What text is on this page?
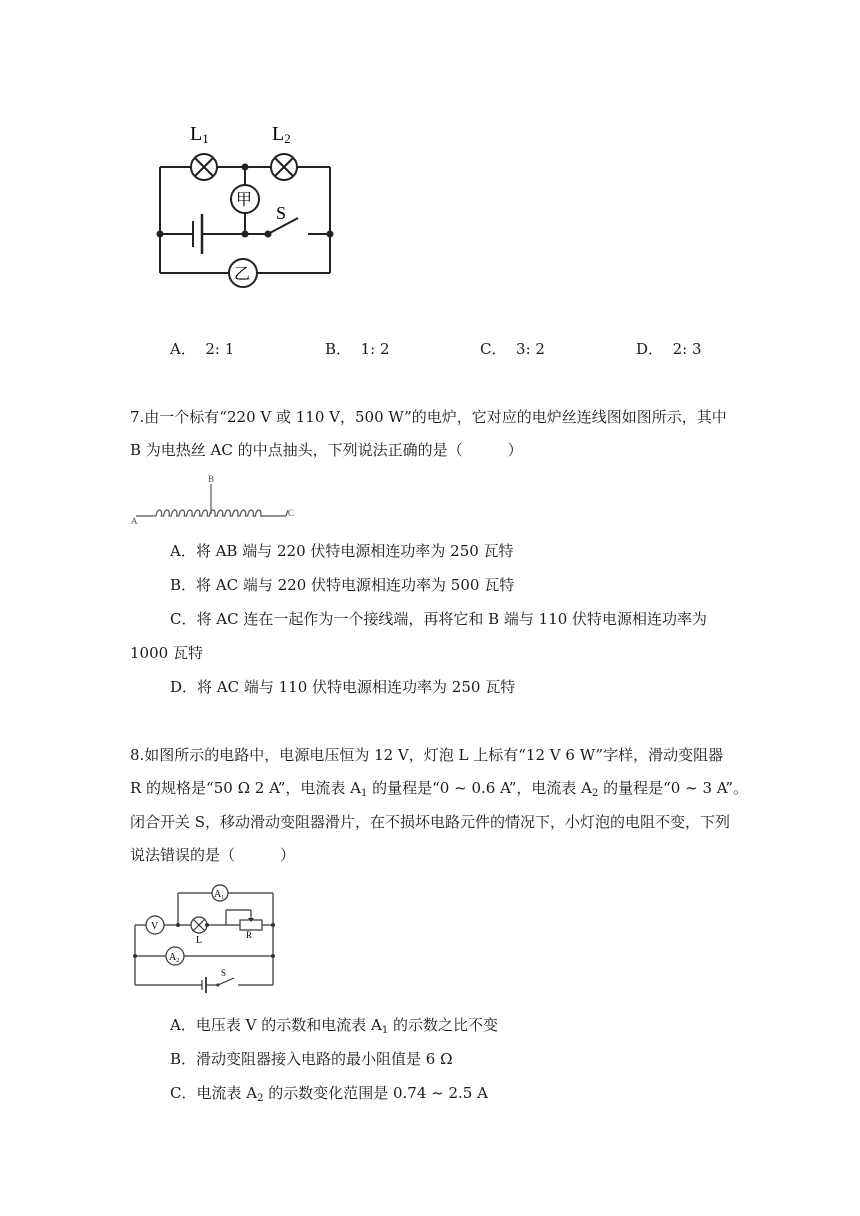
L1	L2
甲
乙
S
A． 2: 1	B． 1: 2	C． 3: 2	D． 2: 3
7.由一个标有“220 V 或 110 V，500 W”的电炉，它对应的电炉丝连线图如图所示，其中
B 为电热丝 AC 的中点抽头，下列说法正确的是（　　　）
A
B
C
A．将 AB 端与 220 伏特电源相连功率为 250 瓦特
B．将 AC 端与 220 伏特电源相连功率为 500 瓦特
C．将 AC 连在一起作为一个接线端，再将它和 B 端与 110 伏特电源相连功率为
1000 瓦特
D．将 AC 端与 110 伏特电源相连功率为 250 瓦特
8.如图所示的电路中，电源电压恒为 12 V，灯泡 L 上标有“12 V 6 W”字样，滑动变阻器
R 的规格是“50 Ω 2 A”，电流表 $A_1$ 的量程是“0 ~ 0.6 A”，电流表 $A_2$ 的量程是“0 ~ 3 A”。
闭合开关 S，移动滑动变阻器滑片，在不损坏电路元件的情况下，小灯泡的电阻不变，下列
说法错误的是（　　　）
$A_1$
V
L	R
$A_2$
S
A．电压表 V 的示数和电流表 $A_1$ 的示数之比不变
B．滑动变阻器接入电路的最小阻值是 6 Ω
C．电流表 $A_2$ 的示数变化范围是 0.74 ~ 2.5 A
